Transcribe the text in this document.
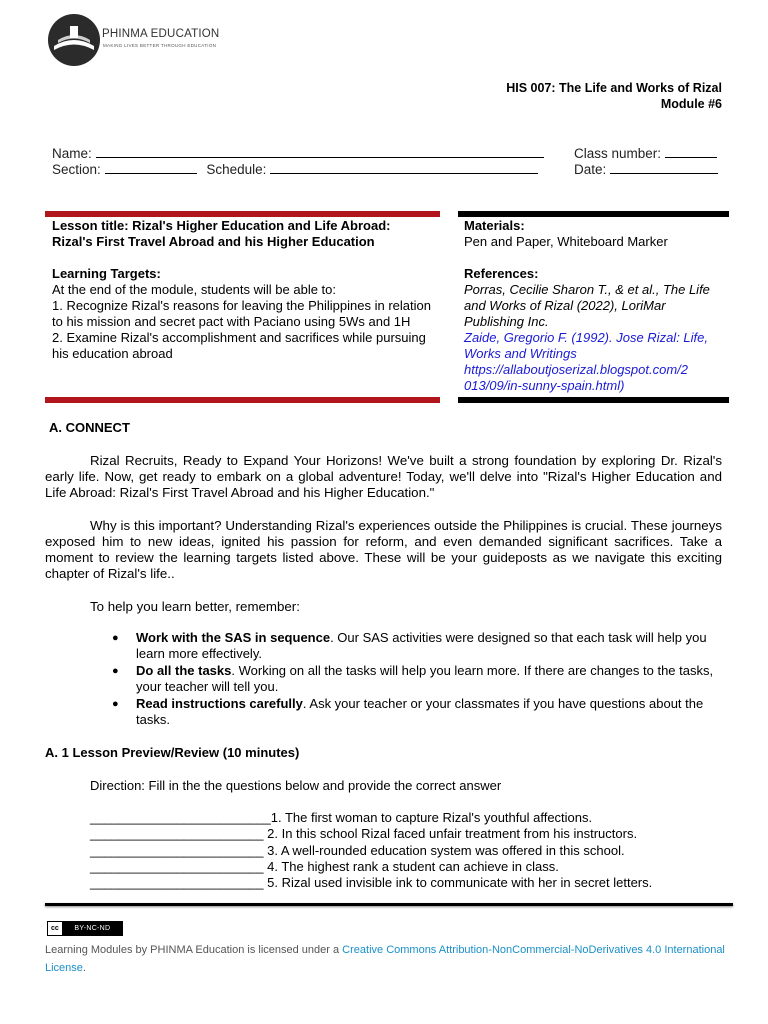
PHINMA EDUCATION
MAKING LIVES BETTER THROUGH EDUCATION
HIS 007: The Life and Works of Rizal
Module #6
Name:
Section:	Schedule:
Class number:
Date:
Lesson title: Rizal's Higher Education and Life Abroad: Rizal's First Travel Abroad and his Higher Education
Learning Targets:
At the end of the module, students will be able to:
1. Recognize Rizal's reasons for leaving the Philippines in relation to his mission and secret pact with Paciano using 5Ws and 1H
2. Examine Rizal's accomplishment and sacrifices while pursuing his education abroad
Materials:
Pen and Paper, Whiteboard Marker
References:
Porras, Cecilie Sharon T., & et al., The Life and Works of Rizal (2022), LoriMar Publishing Inc.
Zaide, Gregorio F. (1992). Jose Rizal: Life, Works and Writings
https://allaboutjoserizal.blogspot.com/2
013/09/in-sunny-spain.html)
A. CONNECT
Rizal Recruits, Ready to Expand Your Horizons! We've built a strong foundation by exploring Dr. Rizal's early life. Now, get ready to embark on a global adventure! Today, we'll delve into "Rizal's Higher Education and Life Abroad: Rizal's First Travel Abroad and his Higher Education."
Why is this important? Understanding Rizal's experiences outside the Philippines is crucial. These journeys exposed him to new ideas, ignited his passion for reform, and even demanded significant sacrifices. Take a moment to review the learning targets listed above. These will be your guideposts as we navigate this exciting chapter of Rizal's life..
To help you learn better, remember:
● Work with the SAS in sequence. Our SAS activities were designed so that each task will help you learn more effectively.
● Do all the tasks. Working on all the tasks will help you learn more. If there are changes to the tasks, your teacher will tell you.
● Read instructions carefully. Ask your teacher or your classmates if you have questions about the tasks.
A. 1 Lesson Preview/Review (10 minutes)
Direction: Fill in the the questions below and provide the correct answer
_________________________1. The first woman to capture Rizal's youthful affections.
________________________ 2. In this school Rizal faced unfair treatment from his instructors.
________________________ 3. A well-rounded education system was offered in this school.
________________________ 4. The highest rank a student can achieve in class.
________________________ 5. Rizal used invisible ink to communicate with her in secret letters.
cc	BY-NC-ND
Learning Modules by PHINMA Education is licensed under a Creative Commons Attribution-NonCommercial-NoDerivatives 4.0 International License.
